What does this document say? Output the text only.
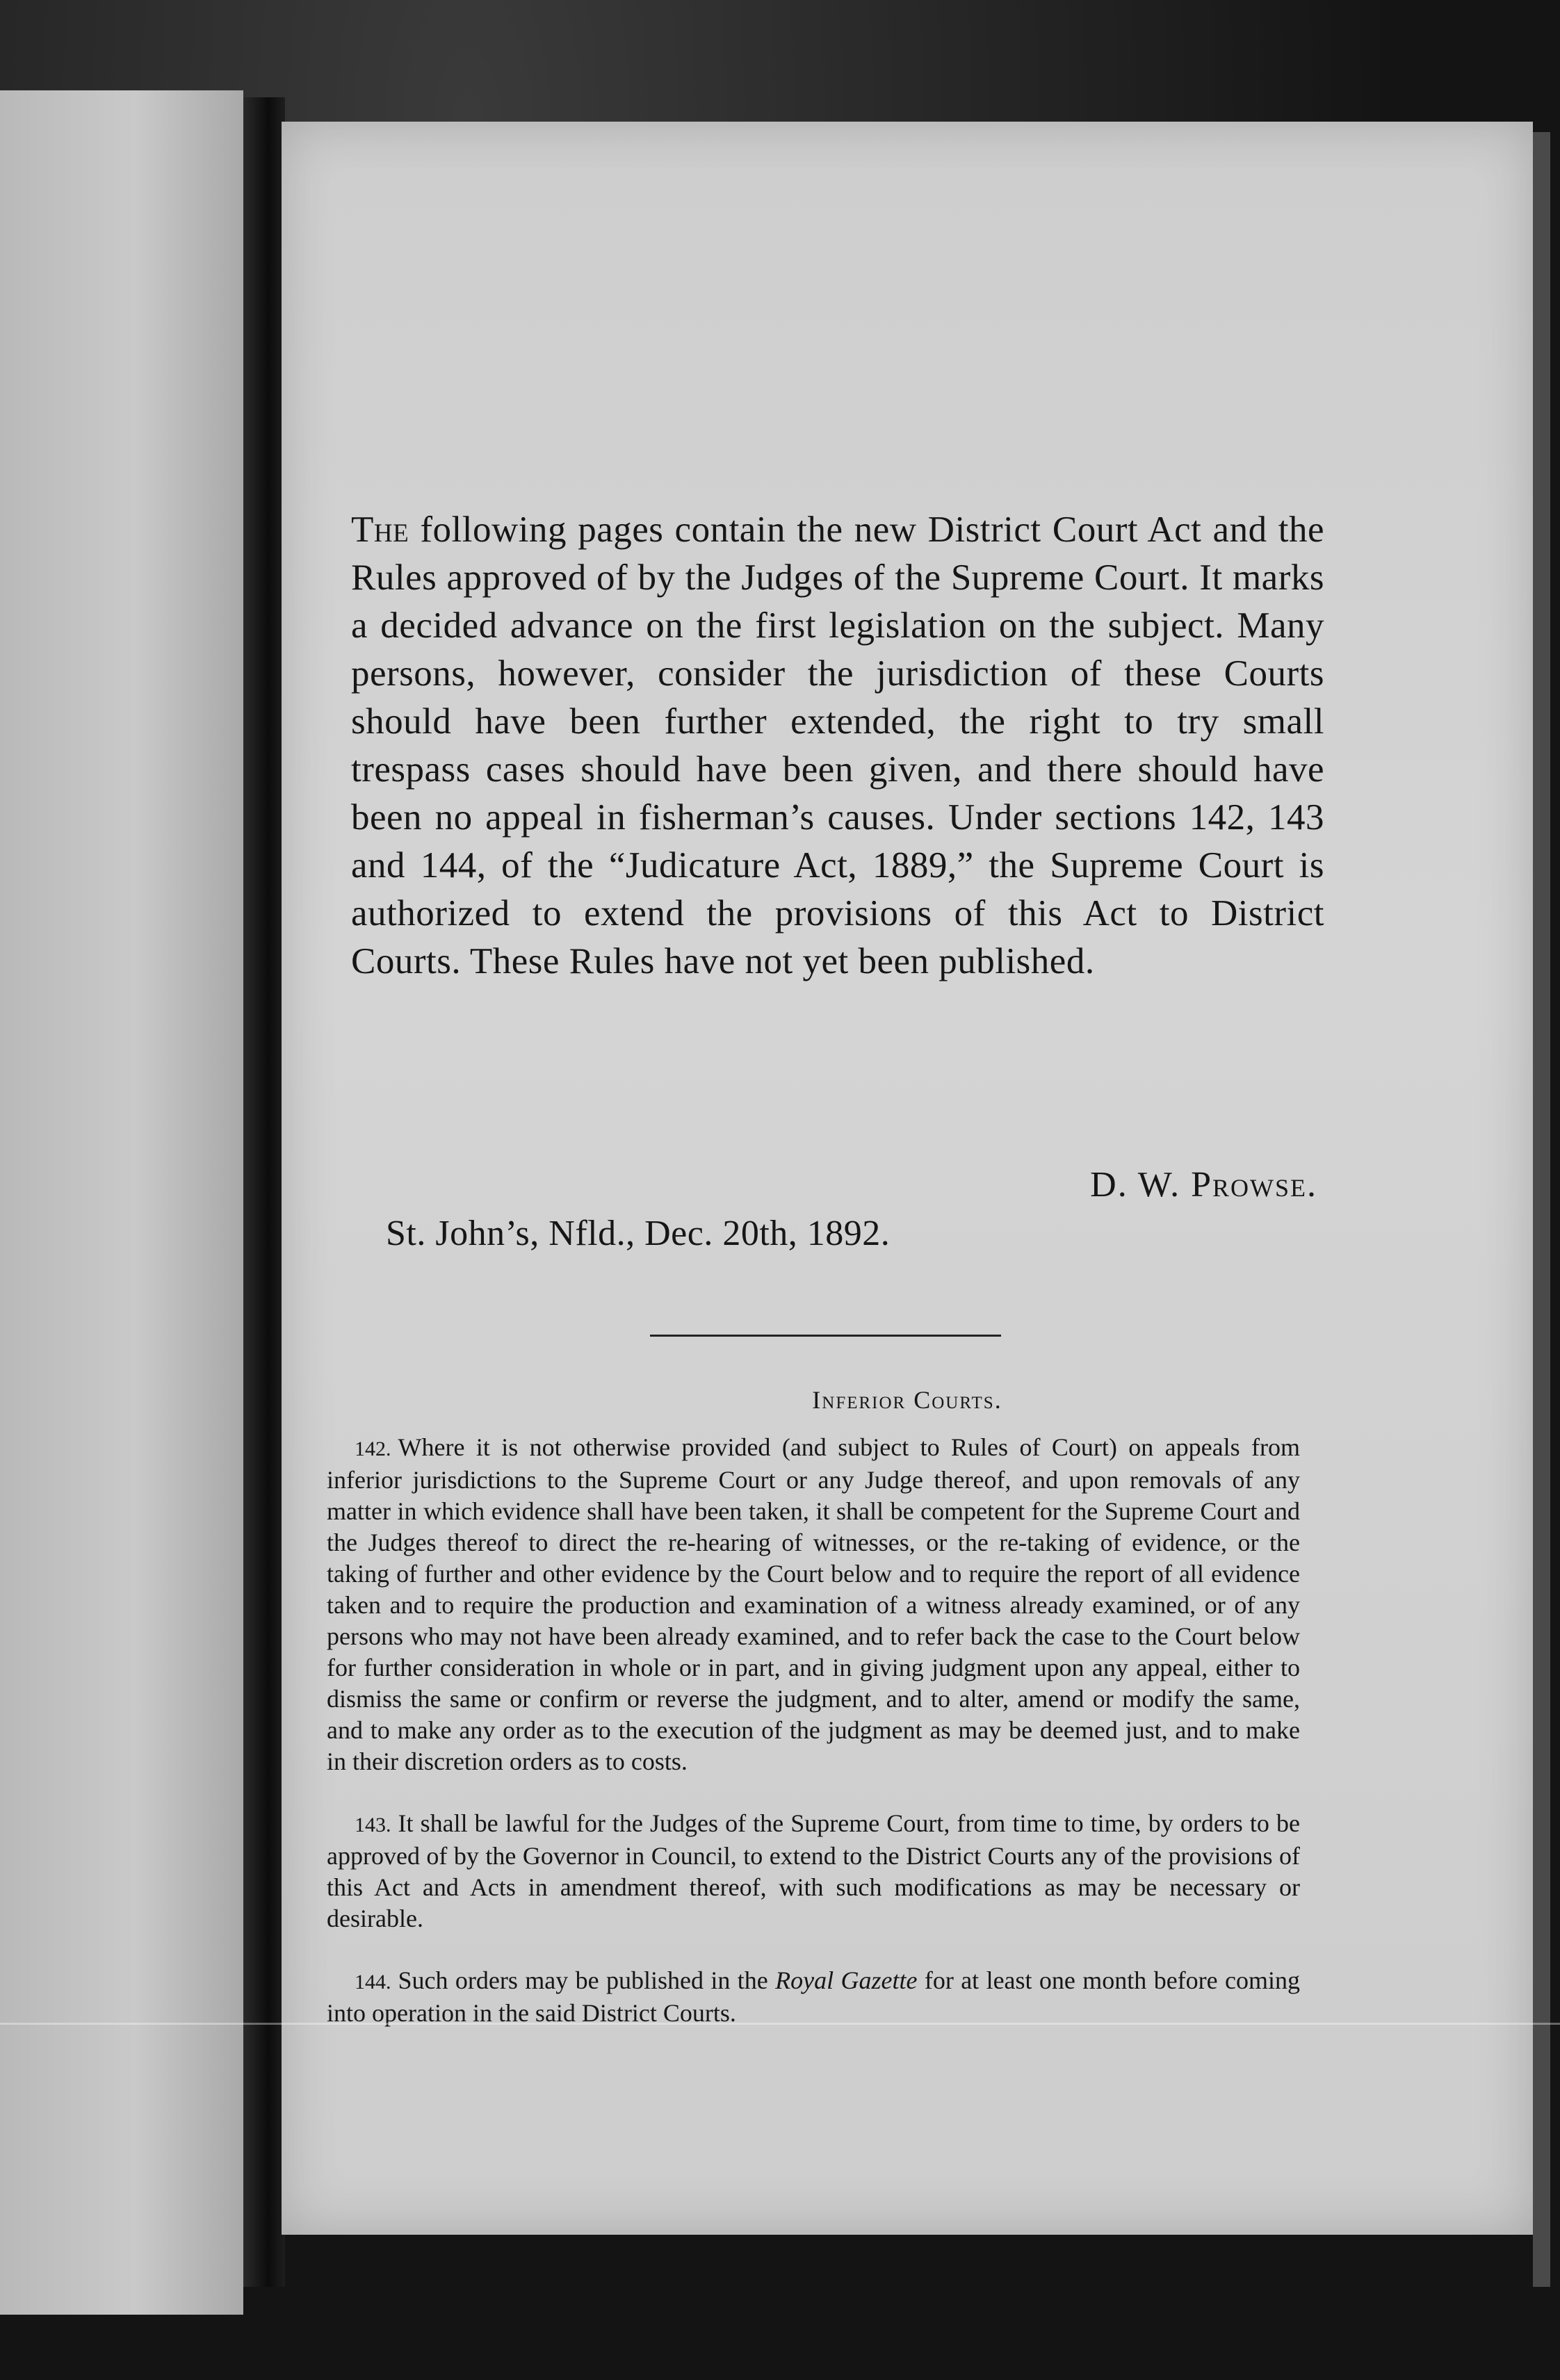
The following pages contain the new District Court Act and the Rules approved of by the Judges of the Supreme Court. It marks a decided advance on the first legislation on the subject. Many persons, however, consider the jurisdiction of these Courts should have been further extended, the right to try small trespass cases should have been given, and there should have been no appeal in fisherman’s causes. Under sections 142, 143 and 144, of the “Judicature Act, 1889,” the Supreme Court is authorized to extend the provisions of this Act to District Courts. These Rules have not yet been published.

D. W. Prowse.
St. John’s, Nfld., Dec. 20th, 1892.
Inferior Courts.

142. Where it is not otherwise provided (and subject to Rules of Court) on appeals from inferior jurisdictions to the Supreme Court or any Judge thereof, and upon removals of any matter in which evidence shall have been taken, it shall be competent for the Supreme Court and the Judges thereof to direct the re-hearing of witnesses, or the re-taking of evidence, or the taking of further and other evidence by the Court below and to require the report of all evidence taken and to require the production and examination of a witness already examined, or of any persons who may not have been already examined, and to refer back the case to the Court below for further consideration in whole or in part, and in giving judgment upon any appeal, either to dismiss the same or confirm or reverse the judgment, and to alter, amend or modify the same, and to make any order as to the execution of the judgment as may be deemed just, and to make in their discretion orders as to costs.

143. It shall be lawful for the Judges of the Supreme Court, from time to time, by orders to be approved of by the Governor in Council, to extend to the District Courts any of the provisions of this Act and Acts in amendment thereof, with such modifications as may be necessary or desirable.

144. Such orders may be published in the Royal Gazette for at least one month before coming into operation in the said District Courts.
